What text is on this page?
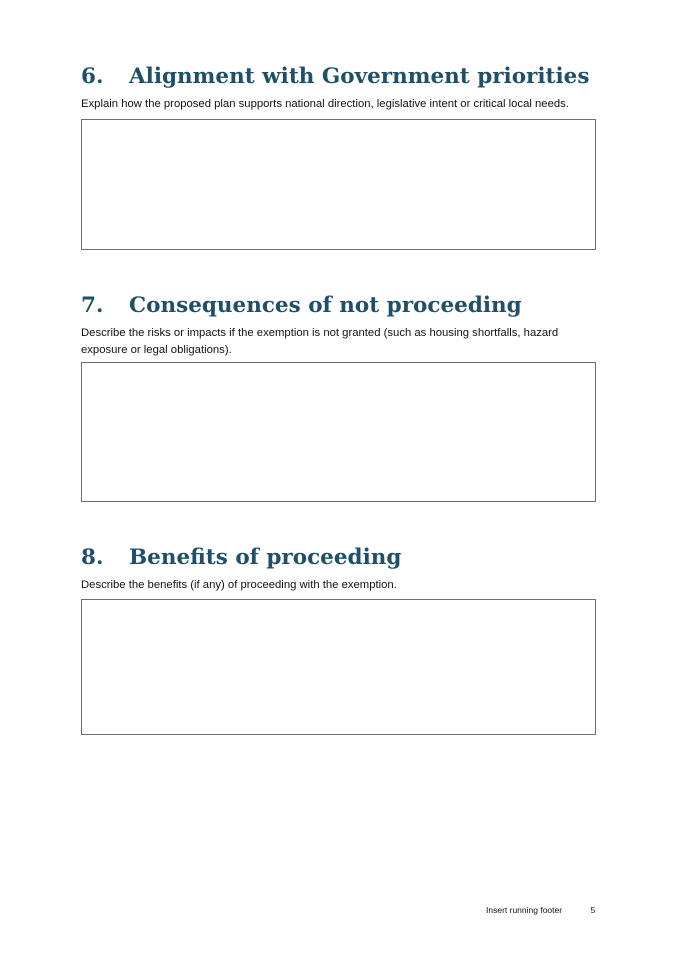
6.	Alignment with Government priorities

Explain how the proposed plan supports national direction, legislative intent or critical local needs.

7.	Consequences of not proceeding

Describe the risks or impacts if the exemption is not granted (such as housing shortfalls, hazard exposure or legal obligations).

8.	Benefits of proceeding

Describe the benefits (if any) of proceeding with the exemption.

Insert running footer	5
